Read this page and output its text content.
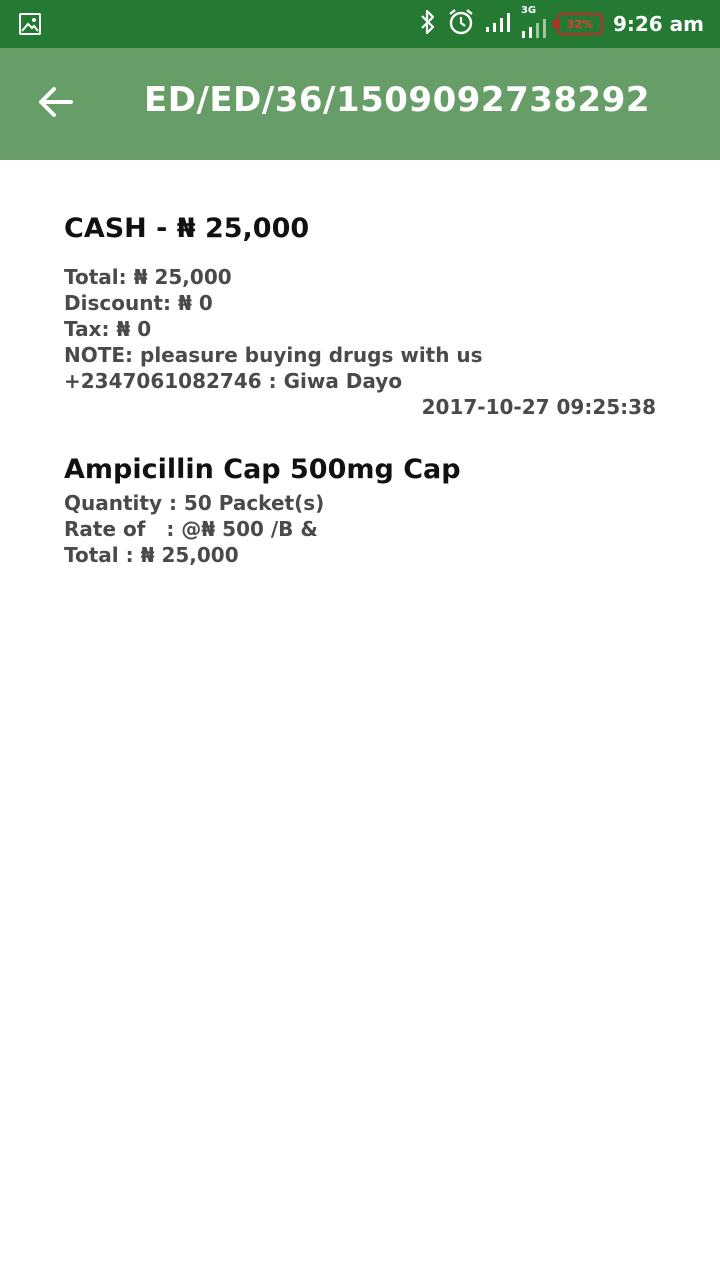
3G
32% 9:26 am
ED/ED/36/1509092738292
CASH - ₦ 25,000
Total: ₦ 25,000
Discount: ₦ 0
Tax: ₦ 0
NOTE: pleasure buying drugs with us
+2347061082746 : Giwa Dayo
2017-10-27 09:25:38
Ampicillin Cap 500mg Cap
Quantity : 50 Packet(s)
Rate of   : @₦ 500 /B &
Total : ₦ 25,000
